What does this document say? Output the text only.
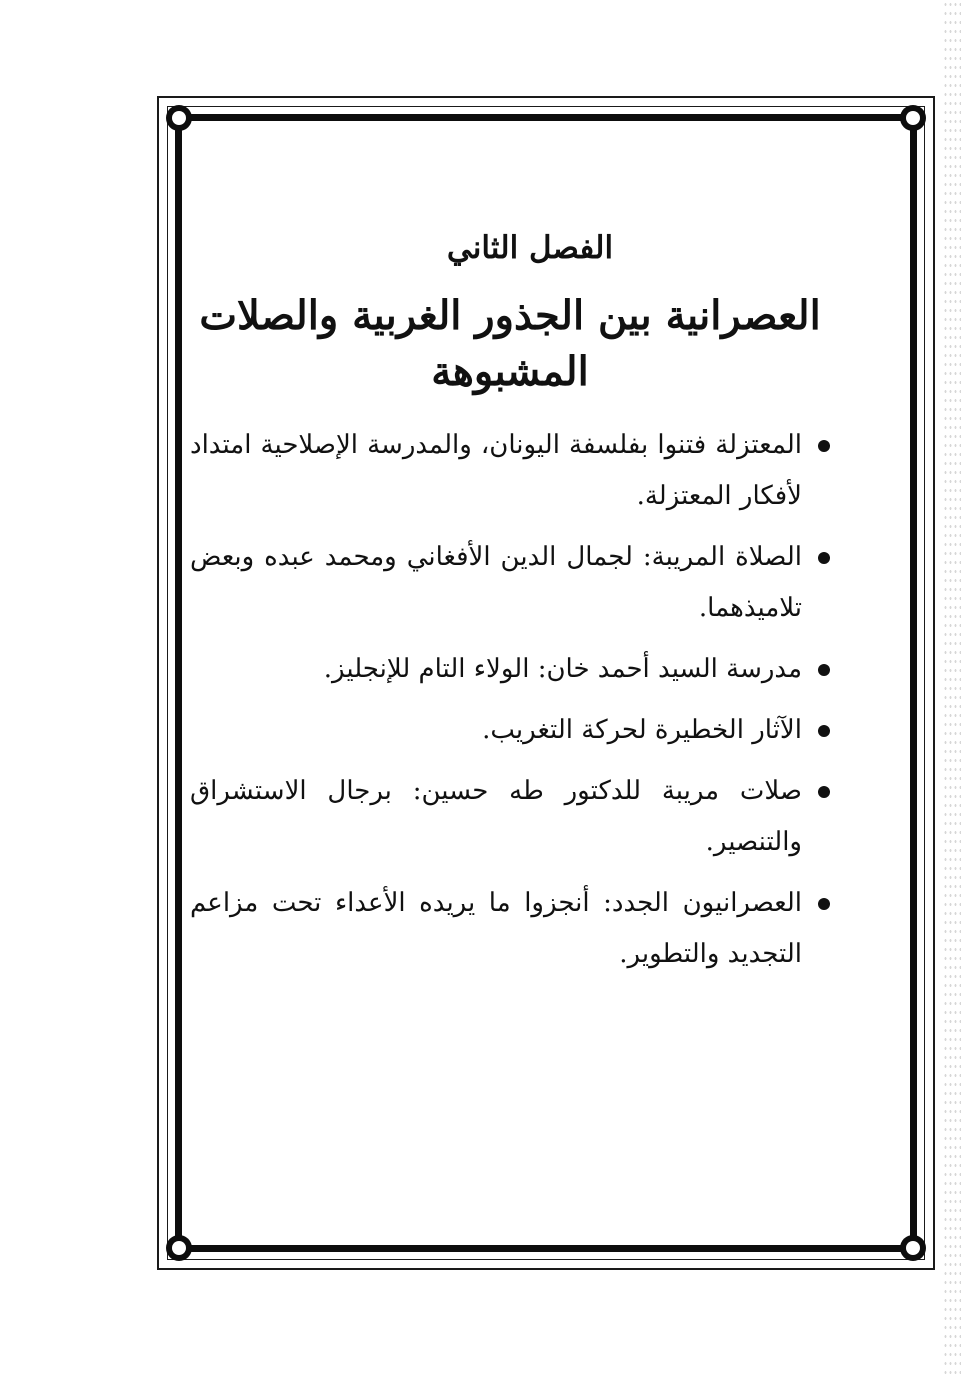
الفصل الثاني
العصرانية بين الجذور الغربية والصلات المشبوهة
المعتزلة فتنوا بفلسفة اليونان، والمدرسة الإصلاحية امتداد لأفكار المعتزلة.
الصلاة المريبة: لجمال الدين الأفغاني ومحمد عبده وبعض تلاميذهما.
مدرسة السيد أحمد خان: الولاء التام للإنجليز.
الآثار الخطيرة لحركة التغريب.
صلات مريبة للدكتور طه حسين: برجال الاستشراق والتنصير.
العصرانيون الجدد: أنجزوا ما يريده الأعداء تحت مزاعم التجديد والتطوير.
